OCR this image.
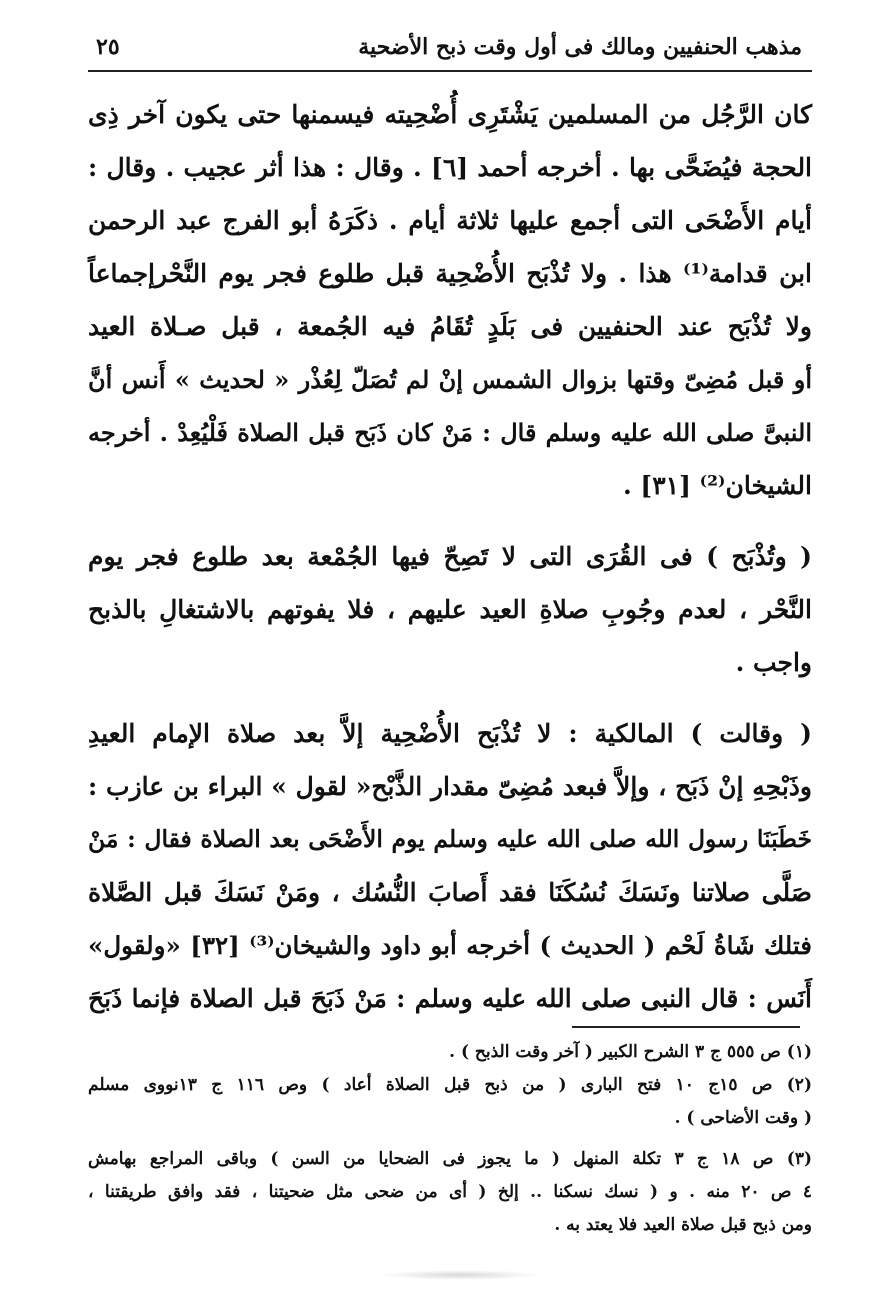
مذهب الحنفيين ومالك فى أول وقت ذبح الأضحية
٢٥
كان الرَّجُل من المسلمين يَشْتَرِى أُضْحِيته فيسمنها حتى يكون آخر ذِى
الحجة فيُضَحَّى بها . أخرجه أحمد [٦] . وقال : هذا أثر عجيب . وقال :
أيام الأَضْحَى التى أجمع عليها ثلاثة أيام . ذكَرَهُ أبو الفرج عبد الرحمن
ابن قدامة⁽¹⁾ هذا . ولا تُذْبَح الأُضْحِية قبل طلوع فجر يوم النَّحْرإجماعاً
ولا تُذْبَح عند الحنفيين فى بَلَدٍ تُقَامُ فيه الجُمعة ، قبل صـلاة العيد
أو قبل مُضِىّ وقتها بزوال الشمس إنْ لم تُصَلّ لِعُذْر « لحديث » أَنس أنَّ
النبىَّ صلى الله عليه وسلم قال : مَنْ كان ذَبَح قبل الصلاة فَلْيُعِدْ . أخرجه
الشيخان⁽²⁾ [٣١] .
( وتُذْبَح ) فى القُرَى التى لا تَصِحّ فيها الجُمْعة بعد طلوع فجر يوم
النَّحْر ، لعدم وجُوبِ صلاةِ العيد عليهم ، فلا يفوتهم بالاشتغالِ بالذبح
واجب .
( وقالت ) المالكية : لا تُذْبَح الأُضْحِية إلاَّ بعد صلاة الإمام العيدِ
وذَبْحِهِ إنْ ذَبَح ، وإلاَّ فبعد مُضِىّ مقدار الذَّبْح« لقول » البراء بن عازب :
خَطَبَنَا رسول الله صلى الله عليه وسلم يوم الأَضْحَى بعد الصلاة فقال : مَنْ
صَلَّى صلاتنا ونَسَكَ نُسُكَنَا فقد أَصابَ النُّسُك ، ومَنْ نَسَكَ قبل الصَّلاة
فتلك شَاةُ لَحْم ( الحديث ) أخرجه أبو داود والشيخان⁽³⁾ [٣٢] «ولقول»
أَنَس : قال النبى صلى الله عليه وسلم : مَنْ ذَبَحَ قبل الصلاة فإنما ذَبَحَ
(١) ص ٥٥٥ ج ٣ الشرح الكبير ( آخر وقت الذبح ) .
(٢) ص ١٥ج ١٠ فتح البارى ( من ذبح قبل الصلاة أعاد ) وص ١١٦ ج ١٣نووى مسلم
( وقت الأضاحى ) .
(٣) ص ١٨ ج ٣ تكلة المنهل ( ما يجوز فى الضحايا من السن ) وباقى المراجع بهامش
٤ ص ٢٠ منه . و ( نسك نسكنا .. إلخ ( أى من ضحى مثل ضحيتنا ، فقد وافق طريقتنا ،
ومن ذبح قبل صلاة العيد فلا يعتد به .
